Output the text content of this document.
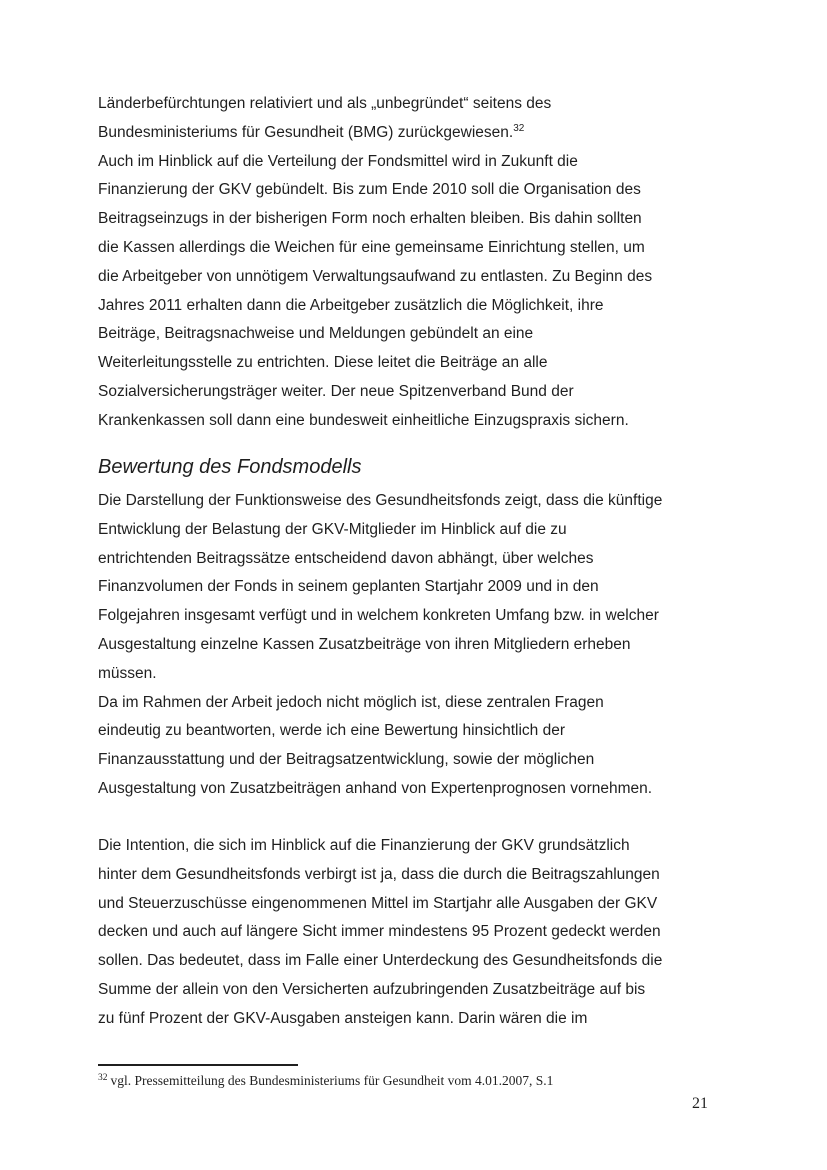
Länderbefürchtungen relativiert und als „unbegründet“ seitens des
Bundesministeriums für Gesundheit (BMG) zurückgewiesen.$^{32}$
Auch im Hinblick auf die Verteilung der Fondsmittel wird in Zukunft die
Finanzierung der GKV gebündelt. Bis zum Ende 2010 soll die Organisation des
Beitragseinzugs in der bisherigen Form noch erhalten bleiben. Bis dahin sollten
die Kassen allerdings die Weichen für eine gemeinsame Einrichtung stellen, um
die Arbeitgeber von unnötigem Verwaltungsaufwand zu entlasten. Zu Beginn des
Jahres 2011 erhalten dann die Arbeitgeber zusätzlich die Möglichkeit, ihre
Beiträge, Beitragsnachweise und Meldungen gebündelt an eine
Weiterleitungsstelle zu entrichten. Diese leitet die Beiträge an alle
Sozialversicherungsträger weiter. Der neue Spitzenverband Bund der
Krankenkassen soll dann eine bundesweit einheitliche Einzugspraxis sichern.
Bewertung des Fondsmodells
Die Darstellung der Funktionsweise des Gesundheitsfonds zeigt, dass die künftige
Entwicklung der Belastung der GKV-Mitglieder im Hinblick auf die zu
entrichtenden Beitragssätze entscheidend davon abhängt, über welches
Finanzvolumen der Fonds in seinem geplanten Startjahr 2009 und in den
Folgejahren insgesamt verfügt und in welchem konkreten Umfang bzw. in welcher
Ausgestaltung einzelne Kassen Zusatzbeiträge von ihren Mitgliedern erheben
müssen.
Da im Rahmen der Arbeit jedoch nicht möglich ist, diese zentralen Fragen
eindeutig zu beantworten, werde ich eine Bewertung hinsichtlich der
Finanzausstattung und der Beitragsatzentwicklung, sowie der möglichen
Ausgestaltung von Zusatzbeiträgen anhand von Expertenprognosen vornehmen.
Die Intention, die sich im Hinblick auf die Finanzierung der GKV grundsätzlich
hinter dem Gesundheitsfonds verbirgt ist ja, dass die durch die Beitragszahlungen
und Steuerzuschüsse eingenommenen Mittel im Startjahr alle Ausgaben der GKV
decken und auch auf längere Sicht immer mindestens 95 Prozent gedeckt werden
sollen. Das bedeutet, dass im Falle einer Unterdeckung des Gesundheitsfonds die
Summe der allein von den Versicherten aufzubringenden Zusatzbeiträge auf bis
zu fünf Prozent der GKV-Ausgaben ansteigen kann. Darin wären die im
$^{32}$ vgl. Pressemitteilung des Bundesministeriums für Gesundheit vom 4.01.2007, S.1
21
